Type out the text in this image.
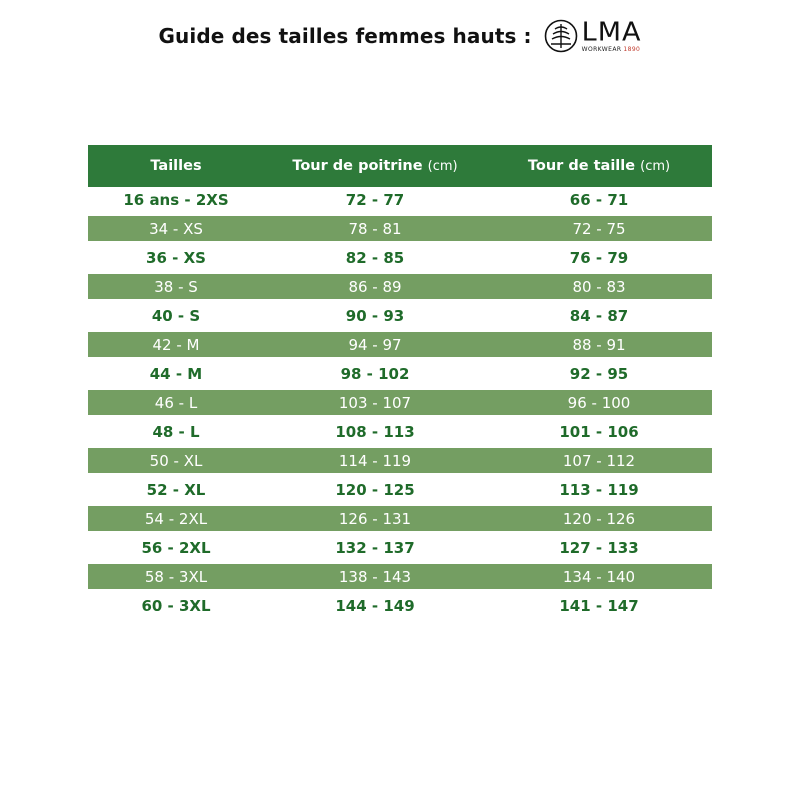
Guide des tailles femmes hauts : LMA
WORKWEAR 1890
Tailles	Tour de poitrine (cm)	Tour de taille (cm)
16 ans - 2XS	72 - 77	66 - 71
34 - XS	78 - 81	72 - 75
36 - XS	82 - 85	76 - 79
38 - S	86 - 89	80 - 83
40 - S	90 - 93	84 - 87
42 - M	94 - 97	88 - 91
44 - M	98 - 102	92 - 95
46 - L	103 - 107	96 - 100
48 - L	108 - 113	101 - 106
50 - XL	114 - 119	107 - 112
52 - XL	120 - 125	113 - 119
54 - 2XL	126 - 131	120 - 126
56 - 2XL	132 - 137	127 - 133
58 - 3XL	138 - 143	134 - 140
60 - 3XL	144 - 149	141 - 147
